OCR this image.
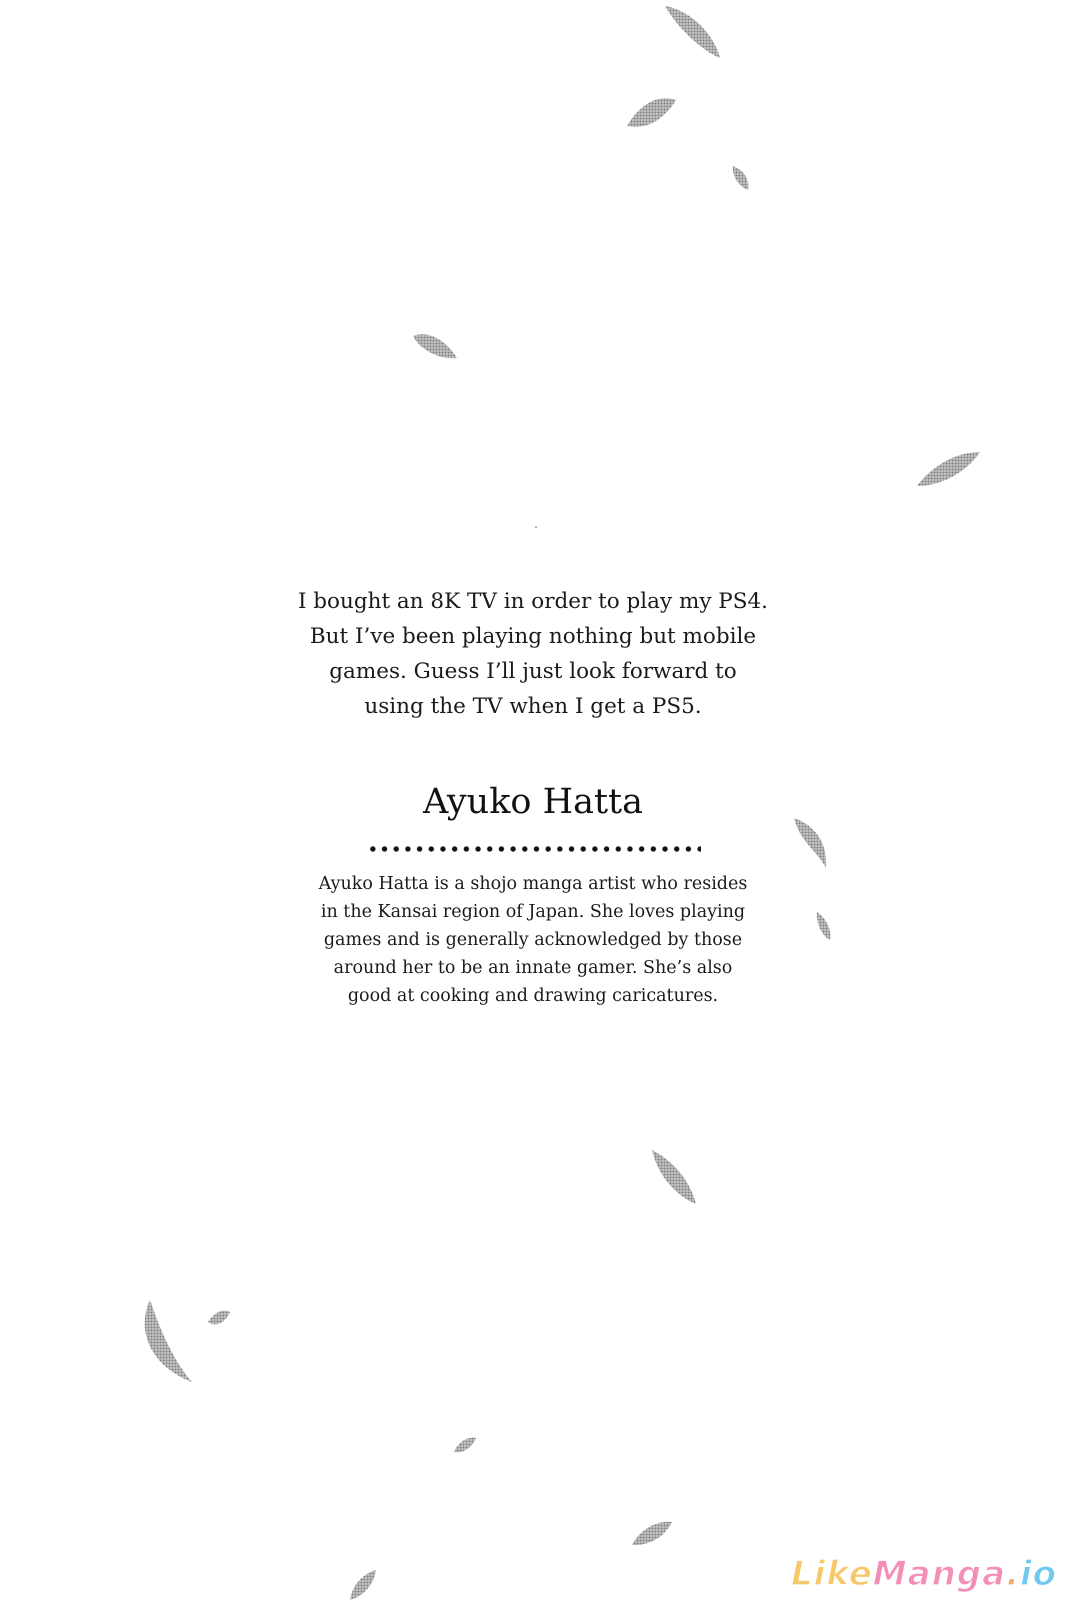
I bought an 8K TV in order to play my PS4.

But I’ve been playing nothing but mobile

games. Guess I’ll just look forward to

using the TV when I get a PS5.

Ayuko Hatta

Ayuko Hatta is a shojo manga artist who resides

in the Kansai region of Japan. She loves playing

games and is generally acknowledged by those

around her to be an innate gamer. She’s also

good at cooking and drawing caricatures.

LikeManga.io
